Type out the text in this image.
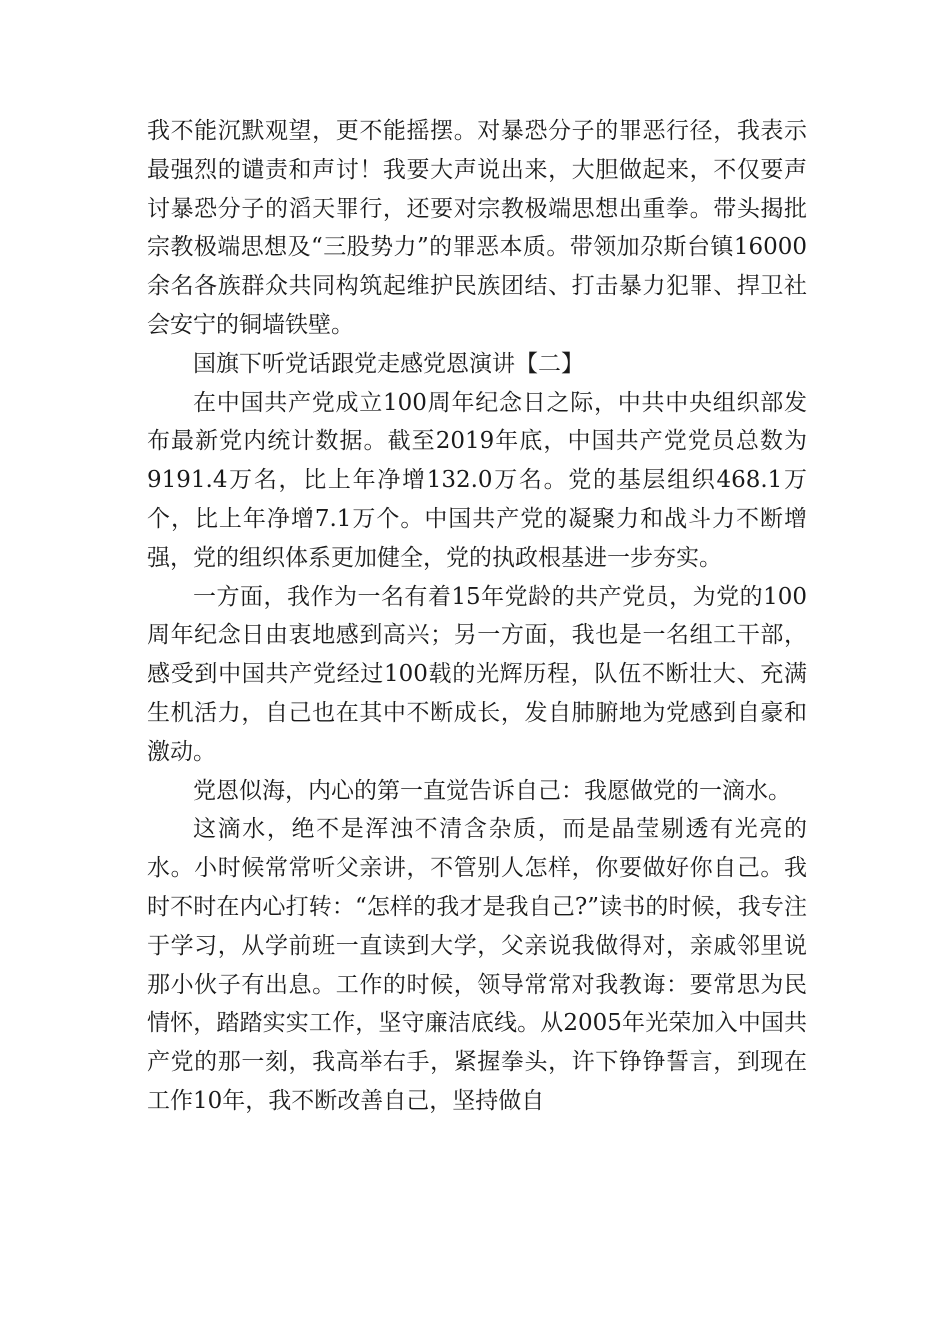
我不能沉默观望，更不能摇摆。对暴恐分子的罪恶行径，我表示最强烈的谴责和声讨！我要大声说出来，大胆做起来，不仅要声讨暴恐分子的滔天罪行，还要对宗教极端思想出重拳。带头揭批宗教极端思想及“三股势力”的罪恶本质。带领加尕斯台镇16000余名各族群众共同构筑起维护民族团结、打击暴力犯罪、捍卫社会安宁的铜墙铁壁。

国旗下听党话跟党走感党恩演讲【二】

在中国共产党成立100周年纪念日之际，中共中央组织部发布最新党内统计数据。截至2019年底，中国共产党党员总数为9191.4万名，比上年净增132.0万名。党的基层组织468.1万个，比上年净增7.1万个。中国共产党的凝聚力和战斗力不断增强，党的组织体系更加健全，党的执政根基进一步夯实。

一方面，我作为一名有着15年党龄的共产党员，为党的100周年纪念日由衷地感到高兴；另一方面，我也是一名组工干部，感受到中国共产党经过100载的光辉历程，队伍不断壮大、充满生机活力，自己也在其中不断成长，发自肺腑地为党感到自豪和激动。

党恩似海，内心的第一直觉告诉自己：我愿做党的一滴水。

这滴水，绝不是浑浊不清含杂质，而是晶莹剔透有光亮的水。小时候常常听父亲讲，不管别人怎样，你要做好你自己。我时不时在内心打转：“怎样的我才是我自己?”读书的时候，我专注于学习，从学前班一直读到大学，父亲说我做得对，亲戚邻里说那小伙子有出息。工作的时候，领导常常对我教诲：要常思为民情怀，踏踏实实工作，坚守廉洁底线。从2005年光荣加入中国共产党的那一刻，我高举右手，紧握拳头，许下铮铮誓言，到现在工作10年，我不断改善自己，坚持做自
